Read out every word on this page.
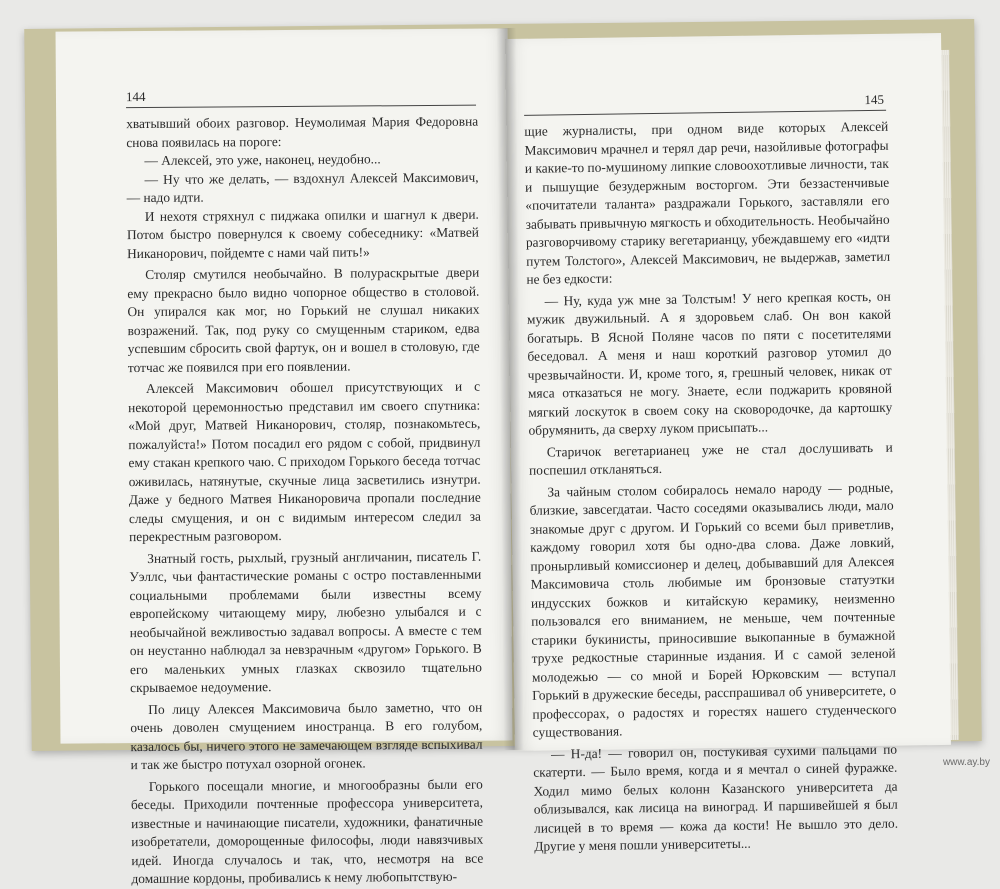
144

хватывший обоих разговор. Неумолимая Мария Федоровна снова появилась на пороге:

— Алексей, это уже, наконец, неудобно...

— Ну что же делать, — вздохнул Алексей Максимович, — надо идти.

И нехотя стряхнул с пиджака опилки и шагнул к двери. Потом быстро повернулся к своему собеседнику: «Матвей Никанорович, пойдемте с нами чай пить!»

Столяр смутился необычайно. В полураскрытые двери ему прекрасно было видно чопорное общество в столовой. Он упирался как мог, но Горький не слушал никаких возражений. Так, под руку со смущенным стариком, едва успевшим сбросить свой фартук, он и вошел в столовую, где тотчас же появился при его появлении.

Алексей Максимович обошел присутствующих и с некоторой церемонностью представил им своего спутника: «Мой друг, Матвей Никанорович, столяр, познакомьтесь, пожалуйста!» Потом посадил его рядом с собой, придвинул ему стакан крепкого чаю. С приходом Горького беседа тотчас оживилась, натянутые, скучные лица засветились изнутри. Даже у бедного Матвея Никаноровича пропали последние следы смущения, и он с видимым интересом следил за перекрестным разговором.

Знатный гость, рыхлый, грузный англичанин, писатель Г. Уэллс, чьи фантастические романы с остро поставленными социальными проблемами были известны всему европейскому читающему миру, любезно улыбался и с необычайной вежливостью задавал вопросы. А вместе с тем он неустанно наблюдал за невзрачным «другом» Горького. В его маленьких умных глазках сквозило тщательно скрываемое недоумение.

По лицу Алексея Максимовича было заметно, что он очень доволен смущением иностранца. В его голубом, казалось бы, ничего этого не замечающем взгляде вспыхивал и так же быстро потухал озорной огонек.

Горького посещали многие, и многообразны были его беседы. Приходили почтенные профессора университета, известные и начинающие писатели, художники, фанатичные изобретатели, доморощенные философы, люди навязчивых идей. Иногда случалось и так, что, несмотря на все домашние кордоны, пробивались к нему любопытствую-

145

щие журналисты, при одном виде которых Алексей Максимович мрачнел и терял дар речи, назойливые фотографы и какие-то по-мушиному липкие словоохотливые личности, так и пышущие безудержным восторгом. Эти беззастенчивые «почитатели таланта» раздражали Горького, заставляли его забывать привычную мягкость и обходительность. Необычайно разговорчивому старику вегетарианцу, убеждавшему его «идти путем Толстого», Алексей Максимович, не выдержав, заметил не без едкости:

— Ну, куда уж мне за Толстым! У него крепкая кость, он мужик двужильный. А я здоровьем слаб. Он вон какой богатырь. В Ясной Поляне часов по пяти с посетителями беседовал. А меня и наш короткий разговор утомил до чрезвычайности. И, кроме того, я, грешный человек, никак от мяса отказаться не могу. Знаете, если поджарить кровяной мягкий лоскуток в своем соку на сковородочке, да картошку обрумянить, да сверху луком присыпать...

Старичок вегетарианец уже не стал дослушивать и поспешил откланяться.

За чайным столом собиралось немало народу — родные, близкие, завсегдатаи. Часто соседями оказывались люди, мало знакомые друг с другом. И Горький со всеми был приветлив, каждому говорил хотя бы одно-два слова. Даже ловкий, пронырливый комиссионер и делец, добывавший для Алексея Максимовича столь любимые им бронзовые статуэтки индусских божков и китайскую керамику, неизменно пользовался его вниманием, не меньше, чем почтенные старики букинисты, приносившие выкопанные в бумажной трухе редкостные старинные издания. И с самой зеленой молодежью — со мной и Борей Юрковским — вступал Горький в дружеские беседы, расспрашивал об университете, о профессорах, о радостях и горестях нашего студенческого существования.

— Н-да! — говорил он, постукивая сухими пальцами по скатерти. — Было время, когда и я мечтал о синей фуражке. Ходил мимо белых колонн Казанского университета да облизывался, как лисица на виноград. И паршивейшей я был лисицей в то время — кожа да кости! Не вышло это дело. Другие у меня пошли университеты...

www.ay.by
